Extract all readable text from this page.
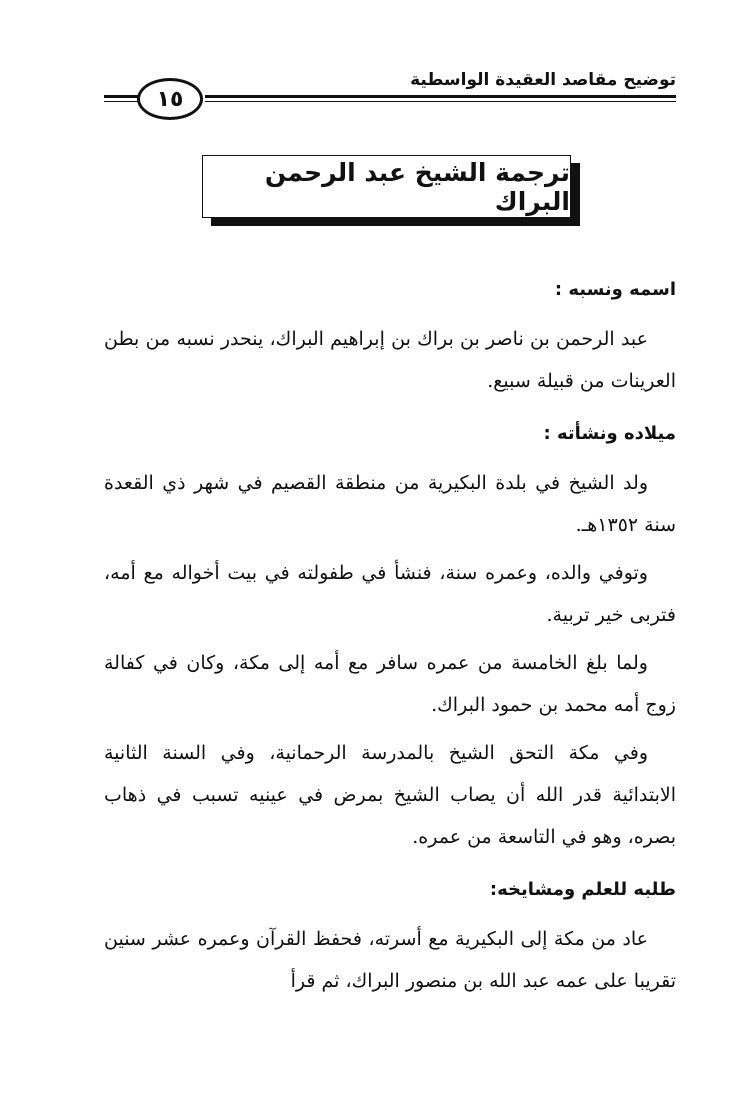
توضيح مقاصد العقيدة الواسطية
١٥
ترجمة الشيخ عبد الرحمن البراك
اسمه ونسبه :

عبد الرحمن بن ناصر بن براك بن إبراهيم البراك، ينحدر نسبه من بطن العرينات من قبيلة سبيع.

ميلاده ونشأته :

ولد الشيخ في بلدة البكيرية من منطقة القصيم في شهر ذي القعدة سنة ١٣٥٢هـ.

وتوفي والده، وعمره سنة، فنشأ في طفولته في بيت أخواله مع أمه، فتربى خير تربية.

ولما بلغ الخامسة من عمره سافر مع أمه إلى مكة، وكان في كفالة زوج أمه محمد بن حمود البراك.

وفي مكة التحق الشيخ بالمدرسة الرحمانية، وفي السنة الثانية الابتدائية قدر الله أن يصاب الشيخ بمرض في عينيه تسبب في ذهاب بصره، وهو في التاسعة من عمره.

طلبه للعلم ومشايخه:

عاد من مكة إلى البكيرية مع أسرته، فحفظ القرآن وعمره عشر سنين تقريبا على عمه عبد الله بن منصور البراك، ثم قرأ
